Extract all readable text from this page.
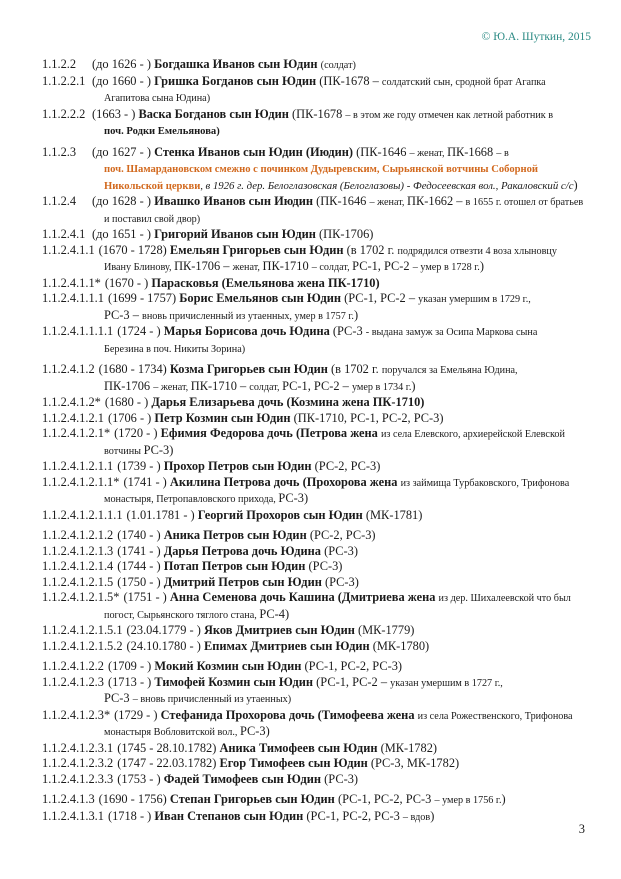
© Ю.А. Шуткин, 2015
1.1.2.2 (до 1626 - ) Богдашка Иванов сын Юдин (солдат)
1.1.2.2.1 (до 1660 - ) Гришка Богданов сын Юдин (ПК-1678 – солдатский сын, сродной брат Агапка
Агапитова сына Юдина)
1.1.2.2.2 (1663 - ) Васка Богданов сын Юдин (ПК-1678 – в этом же году отмечен как летной работник в
поч. Родки Емельянова)
1.1.2.3 (до 1627 - ) Стенка Иванов сын Юдин (Июдин) (ПК-1646 – женат, ПК-1668 – в
поч. Шамардановском смежно с починком Дудыревским, Сырьянской вотчины Соборной
Никольской церкви, в 1926 г. дер. Белоглазовская (Белоглазовы) - Федосеевская вол., Ракаловский с/с)
1.1.2.4 (до 1628 - ) Ивашко Иванов сын Июдин (ПК-1646 – женат, ПК-1662 – в 1655 г. отошел от братьев
и поставил свой двор)
1.1.2.4.1 (до 1651 - ) Григорий Иванов сын Юдин (ПК-1706)
1.1.2.4.1.1 (1670 - 1728) Емельян Григорьев сын Юдин (в 1702 г. подрядился отвезти 4 воза хлыновцу
Ивану Блинову, ПК-1706 – женат, ПК-1710 – солдат, РС-1, РС-2 – умер в 1728 г.)
1.1.2.4.1.1* (1670 - ) Парасковья (Емельянова жена ПК-1710)
1.1.2.4.1.1.1 (1699 - 1757) Борис Емельянов сын Юдин (РС-1, РС-2 – указан умершим в 1729 г.,
РС-3 – вновь причисленный из утаенных, умер в 1757 г.)
1.1.2.4.1.1.1.1 (1724 - ) Марья Борисова дочь Юдина (РС-3 - выдана замуж за Осипа Маркова сына
Березина в поч. Никиты Зорина)
1.1.2.4.1.2 (1680 - 1734) Козма Григорьев сын Юдин (в 1702 г. поручался за Емельяна Юдина,
ПК-1706 – женат, ПК-1710 – солдат, РС-1, РС-2 – умер в 1734 г.)
1.1.2.4.1.2* (1680 - ) Дарья Елизарьева дочь (Козмина жена ПК-1710)
1.1.2.4.1.2.1 (1706 - ) Петр Козмин сын Юдин (ПК-1710, РС-1, РС-2, РС-3)
1.1.2.4.1.2.1* (1720 - ) Ефимия Федорова дочь (Петрова жена из села Елевского, архиерейской Елевской
вотчины РС-3)
1.1.2.4.1.2.1.1 (1739 - ) Прохор Петров сын Юдин (РС-2, РС-3)
1.1.2.4.1.2.1.1* (1741 - ) Акилина Петрова дочь (Прохорова жена из займища Турбаковского, Трифонова
монастыря, Петропавловского прихода, РС-3)
1.1.2.4.1.2.1.1.1 (1.01.1781 - ) Георгий Прохоров сын Юдин (МК-1781)
1.1.2.4.1.2.1.2 (1740 - ) Аника Петров сын Юдин (РС-2, РС-3)
1.1.2.4.1.2.1.3 (1741 - ) Дарья Петрова дочь Юдина (РС-3)
1.1.2.4.1.2.1.4 (1744 - ) Потап Петров сын Юдин (РС-3)
1.1.2.4.1.2.1.5 (1750 - ) Дмитрий Петров сын Юдин (РС-3)
1.1.2.4.1.2.1.5* (1751 - ) Анна Семенова дочь Кашина (Дмитриева жена из дер. Шихалеевской что был
погост, Сырьянского тяглого стана, РС-4)
1.1.2.4.1.2.1.5.1 (23.04.1779 - ) Яков Дмитриев сын Юдин (МК-1779)
1.1.2.4.1.2.1.5.2 (24.10.1780 - ) Епимах Дмитриев сын Юдин (МК-1780)
1.1.2.4.1.2.2 (1709 - ) Мокий Козмин сын Юдин (РС-1, РС-2, РС-3)
1.1.2.4.1.2.3 (1713 - ) Тимофей Козмин сын Юдин (РС-1, РС-2 – указан умершим в 1727 г.,
РС-3 – вновь причисленный из утаенных)
1.1.2.4.1.2.3* (1729 - ) Стефанида Прохорова дочь (Тимофеева жена из села Рожественского, Трифонова
монастыря Вобловитской вол., РС-3)
1.1.2.4.1.2.3.1 (1745 - 28.10.1782) Аника Тимофеев сын Юдин (МК-1782)
1.1.2.4.1.2.3.2 (1747 - 22.03.1782) Егор Тимофеев сын Юдин (РС-3, МК-1782)
1.1.2.4.1.2.3.3 (1753 - ) Фадей Тимофеев сын Юдин (РС-3)
1.1.2.4.1.3 (1690 - 1756) Степан Григорьев сын Юдин (РС-1, РС-2, РС-3 – умер в 1756 г.)
1.1.2.4.1.3.1 (1718 - ) Иван Степанов сын Юдин (РС-1, РС-2, РС-3 – вдов)
3
